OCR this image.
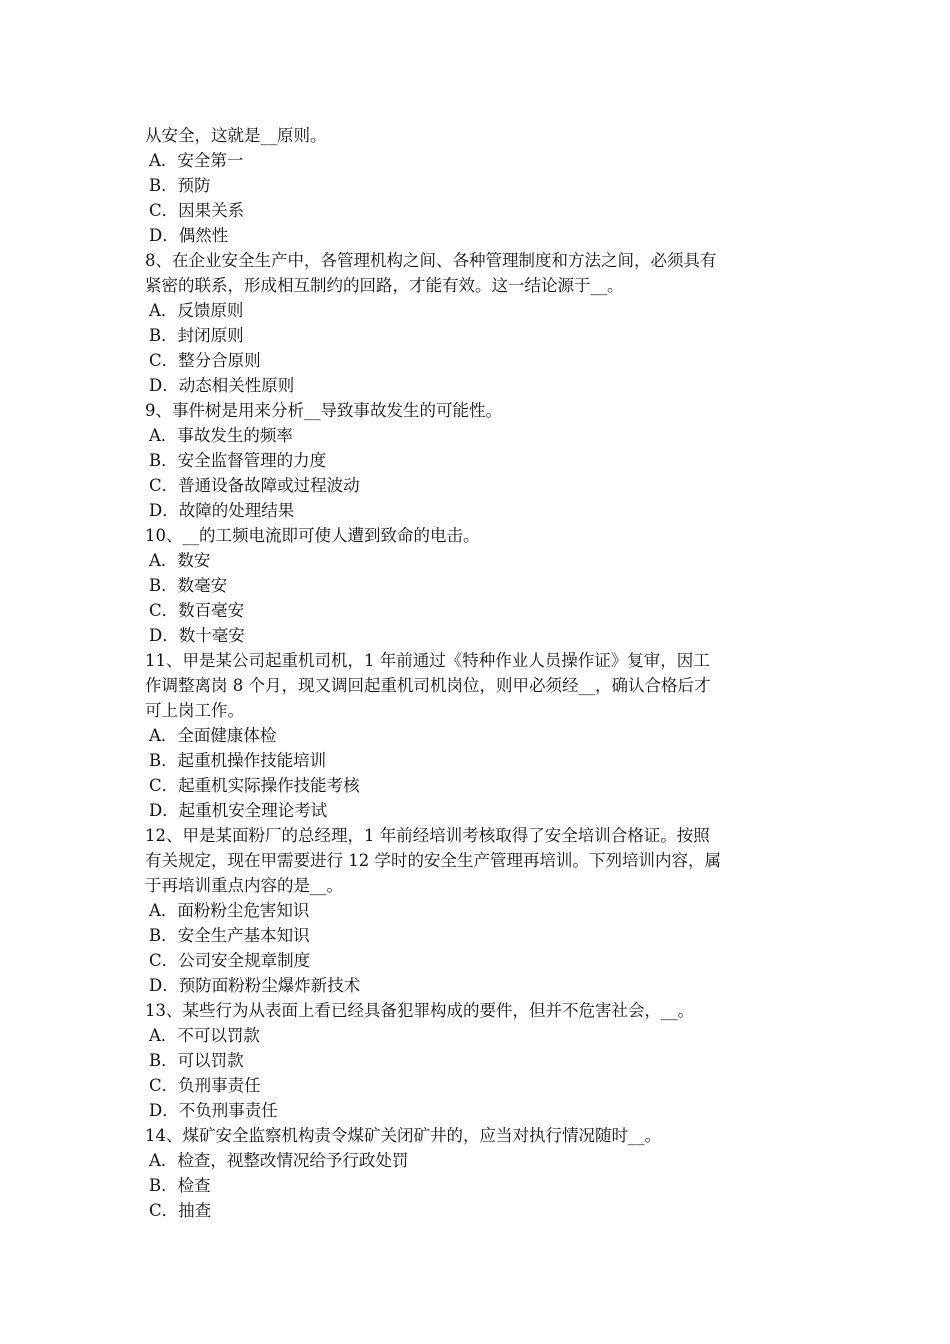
从安全，这就是__原则。
A．安全第一
B．预防
C．因果关系
D．偶然性
8、在企业安全生产中，各管理机构之间、各种管理制度和方法之间，必须具有
紧密的联系，形成相互制约的回路，才能有效。这一结论源于__。
A．反馈原则
B．封闭原则
C．整分合原则
D．动态相关性原则
9、事件树是用来分析__导致事故发生的可能性。
A．事故发生的频率
B．安全监督管理的力度
C．普通设备故障或过程波动
D．故障的处理结果
10、__的工频电流即可使人遭到致命的电击。
A．数安
B．数毫安
C．数百毫安
D．数十毫安
11、甲是某公司起重机司机，1 年前通过《特种作业人员操作证》复审，因工
作调整离岗 8 个月，现又调回起重机司机岗位，则甲必须经__，确认合格后才
可上岗工作。
A．全面健康体检
B．起重机操作技能培训
C．起重机实际操作技能考核
D．起重机安全理论考试
12、甲是某面粉厂的总经理，1 年前经培训考核取得了安全培训合格证。按照
有关规定，现在甲需要进行 12 学时的安全生产管理再培训。下列培训内容，属
于再培训重点内容的是__。
A．面粉粉尘危害知识
B．安全生产基本知识
C．公司安全规章制度
D．预防面粉粉尘爆炸新技术
13、某些行为从表面上看已经具备犯罪构成的要件，但并不危害社会，__。
A．不可以罚款
B．可以罚款
C．负刑事责任
D．不负刑事责任
14、煤矿安全监察机构责令煤矿关闭矿井的，应当对执行情况随时__。
A．检查，视整改情况给予行政处罚
B．检查
C．抽查
